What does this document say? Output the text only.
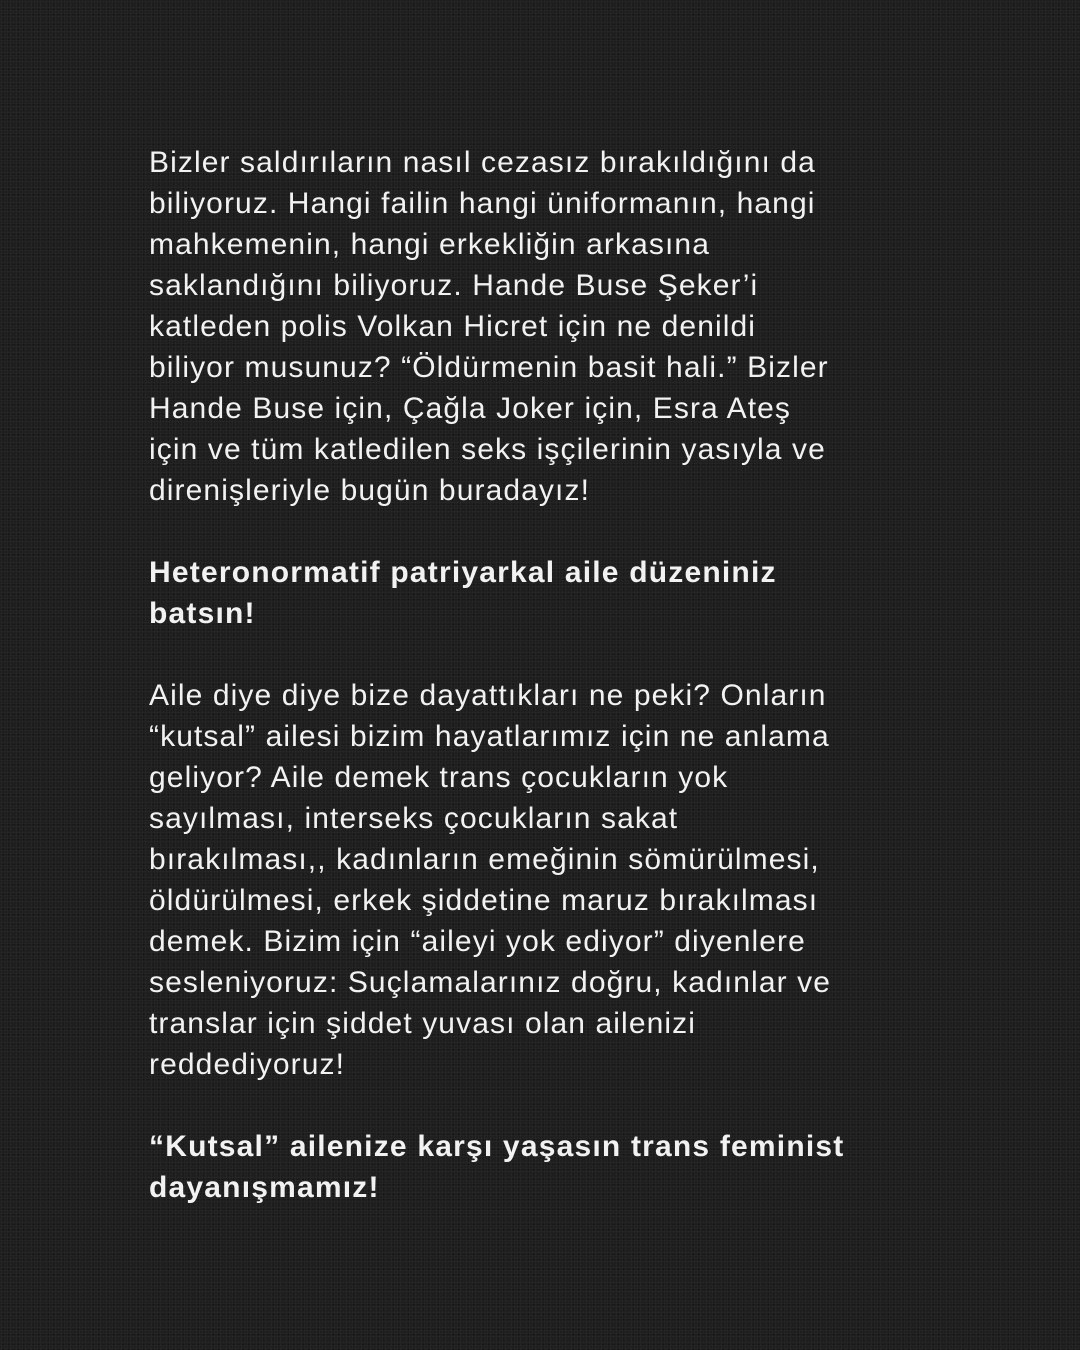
Bizler saldırıların nasıl cezasız bırakıldığını da
biliyoruz. Hangi failin hangi üniformanın, hangi
mahkemenin, hangi erkekliğin arkasına
saklandığını biliyoruz. Hande Buse Şeker’i
katleden polis Volkan Hicret için ne denildi
biliyor musunuz? “Öldürmenin basit hali.” Bizler
Hande Buse için, Çağla Joker için, Esra Ateş
için ve tüm katledilen seks işçilerinin yasıyla ve
direnişleriyle bugün buradayız!

Heteronormatif patriyarkal aile düzeniniz
batsın!

Aile diye diye bize dayattıkları ne peki? Onların
“kutsal” ailesi bizim hayatlarımız için ne anlama
geliyor? Aile demek trans çocukların yok
sayılması, interseks çocukların sakat
bırakılması,, kadınların emeğinin sömürülmesi,
öldürülmesi, erkek şiddetine maruz bırakılması
demek. Bizim için “aileyi yok ediyor” diyenlere
sesleniyoruz: Suçlamalarınız doğru, kadınlar ve
translar için şiddet yuvası olan ailenizi
reddediyoruz!

“Kutsal” ailenize karşı yaşasın trans feminist
dayanışmamız!
